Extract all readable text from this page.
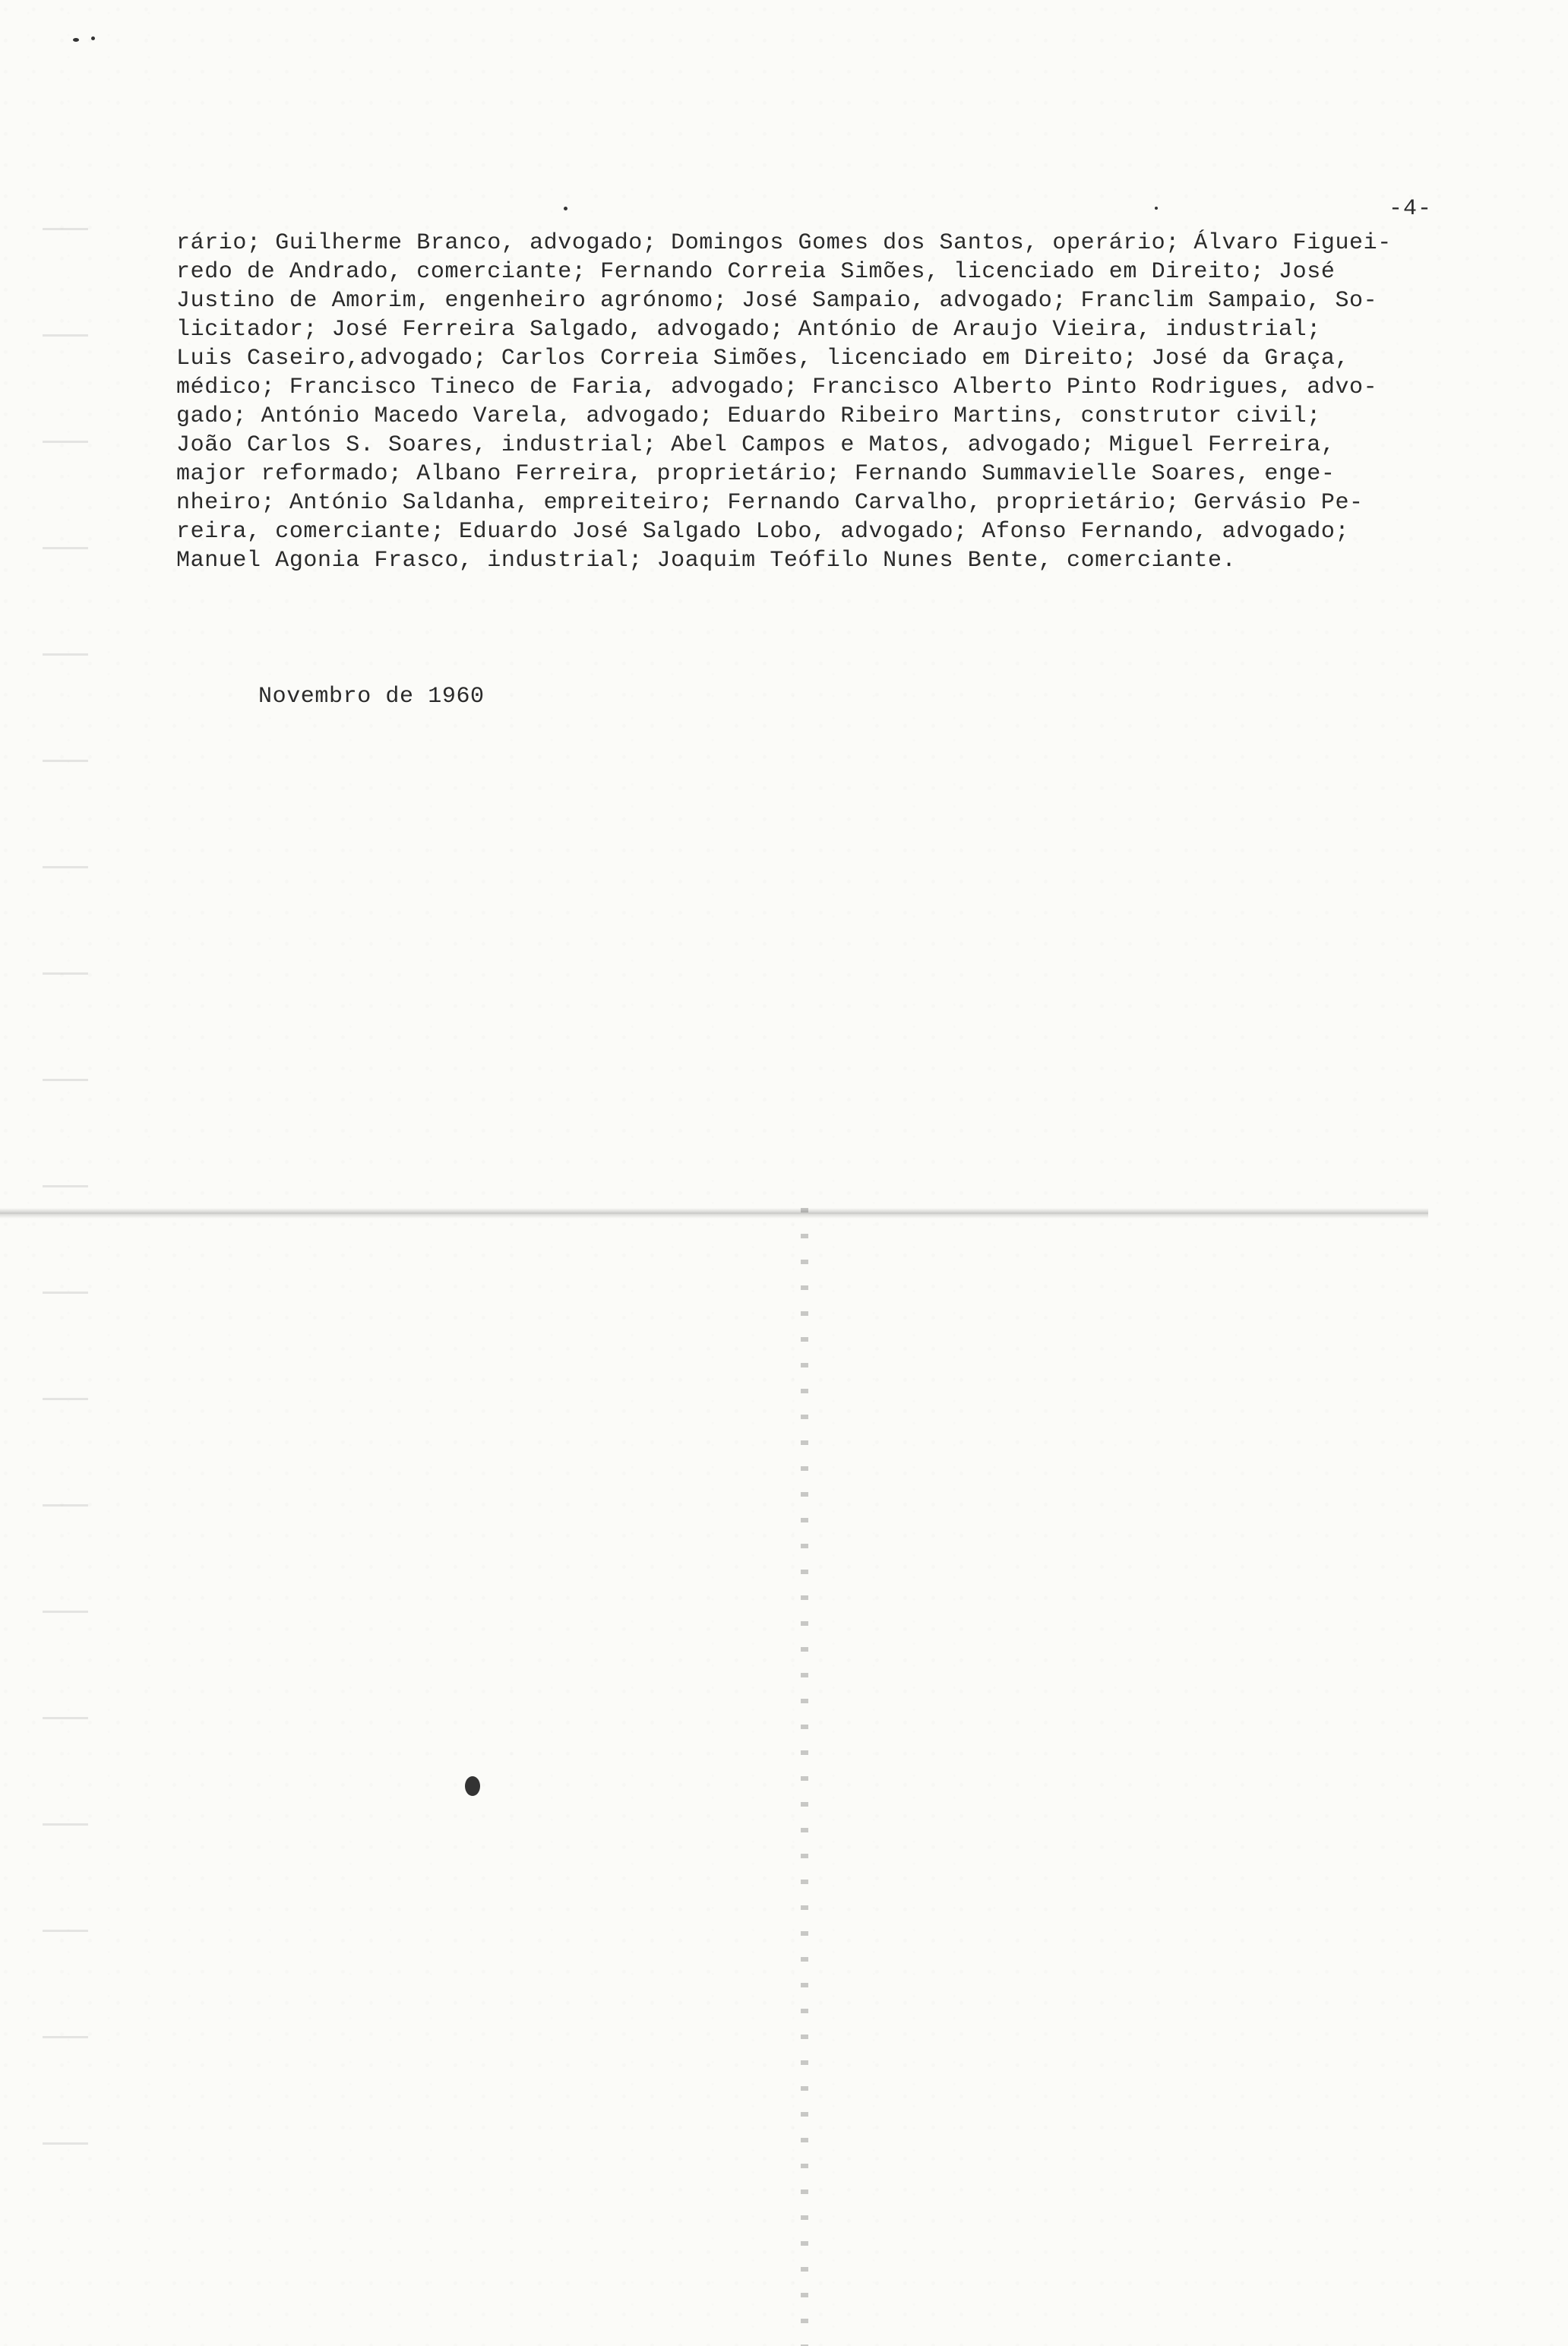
-4-

rário; Guilherme Branco, advogado; Domingos Gomes dos Santos, operário; Álvaro Figuei-
redo de Andrado, comerciante; Fernando Correia Simões, licenciado em Direito; José
Justino de Amorim, engenheiro agrónomo; José Sampaio, advogado; Franclim Sampaio, So-
licitador; José Ferreira Salgado, advogado; António de Araujo Vieira, industrial;
Luis Caseiro,advogado; Carlos Correia Simões, licenciado em Direito; José da Graça,
médico; Francisco Tineco de Faria, advogado; Francisco Alberto Pinto Rodrigues, advo-
gado; António Macedo Varela, advogado; Eduardo Ribeiro Martins, construtor civil;
João Carlos S. Soares, industrial; Abel Campos e Matos, advogado; Miguel Ferreira,
major reformado; Albano Ferreira, proprietário; Fernando Summavielle Soares, enge-
nheiro; António Saldanha, empreiteiro; Fernando Carvalho, proprietário; Gervásio Pe-
reira, comerciante; Eduardo José Salgado Lobo, advogado; Afonso Fernando, advogado;
Manuel Agonia Frasco, industrial; Joaquim Teófilo Nunes Bente, comerciante.

Novembro de 1960
